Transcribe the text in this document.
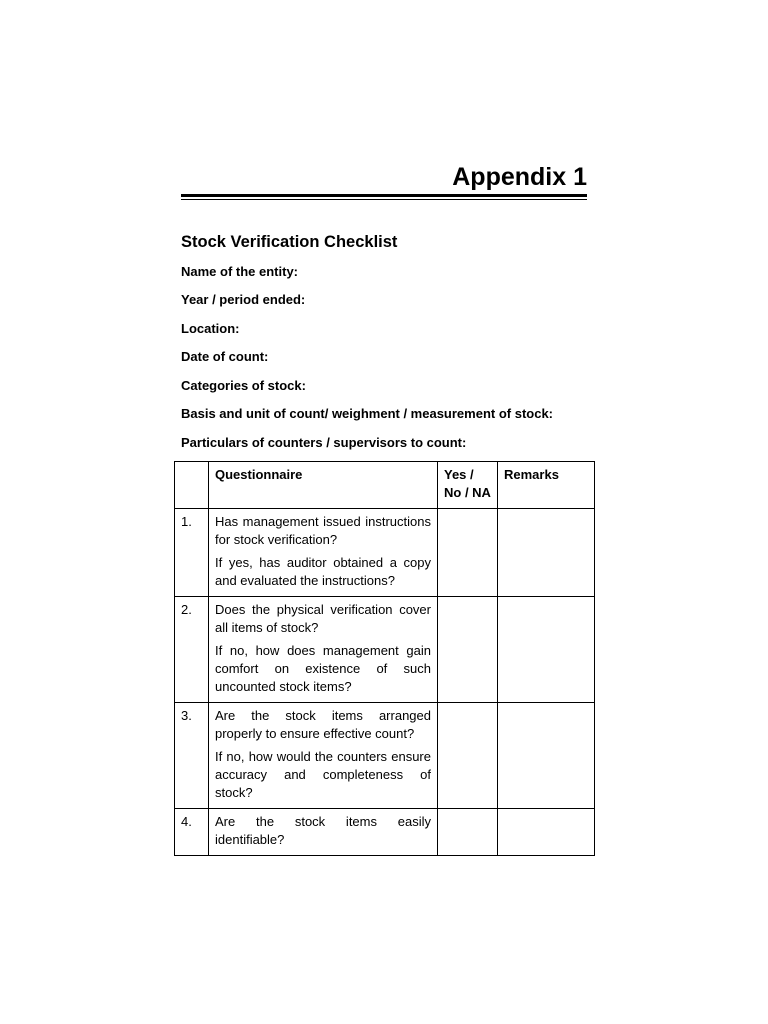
Appendix 1
Stock Verification Checklist

Name of the entity:

Year / period ended:

Location:

Date of count:

Categories of stock:

Basis and unit of count/ weighment / measurement of stock:

Particulars of counters / supervisors to count:

	Questionnaire	Yes / No / NA	Remarks
1.	Has management issued instructions for stock verification?

If yes, has auditor obtained a copy and evaluated the instructions?		

2.	Does the physical verification cover all items of stock?

If no, how does management gain comfort on existence of such uncounted stock items?		

3.	Are the stock items arranged properly to ensure effective count?

If no, how would the counters ensure accuracy and completeness of stock?		

4.	Are the stock items easily identifiable?		
